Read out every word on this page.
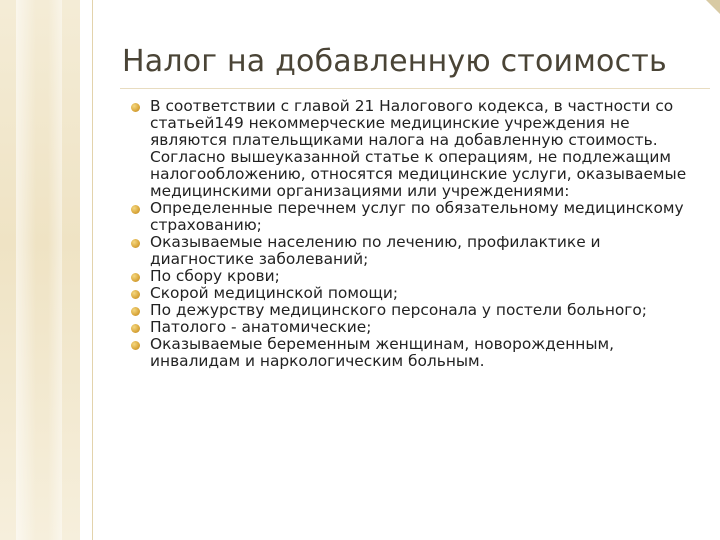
Налог на добавленную стоимость
В соответствии с главой 21 Налогового кодекса, в частности со статьей149 некоммерческие медицинские учреждения не являются плательщиками налога на добавленную стоимость. Согласно вышеуказанной статье к операциям, не подлежащим налогообложению, относятся медицинские услуги, оказываемые медицинскими организациями или учреждениями:
Определенные перечнем услуг по обязательному медицинскому страхованию;
Оказываемые населению по лечению, профилактике и диагностике заболеваний;
По сбору крови;
Скорой медицинской помощи;
По дежурству медицинского персонала у постели больного;
Патолого - анатомические;
Оказываемые беременным женщинам, новорожденным, инвалидам и наркологическим больным.
